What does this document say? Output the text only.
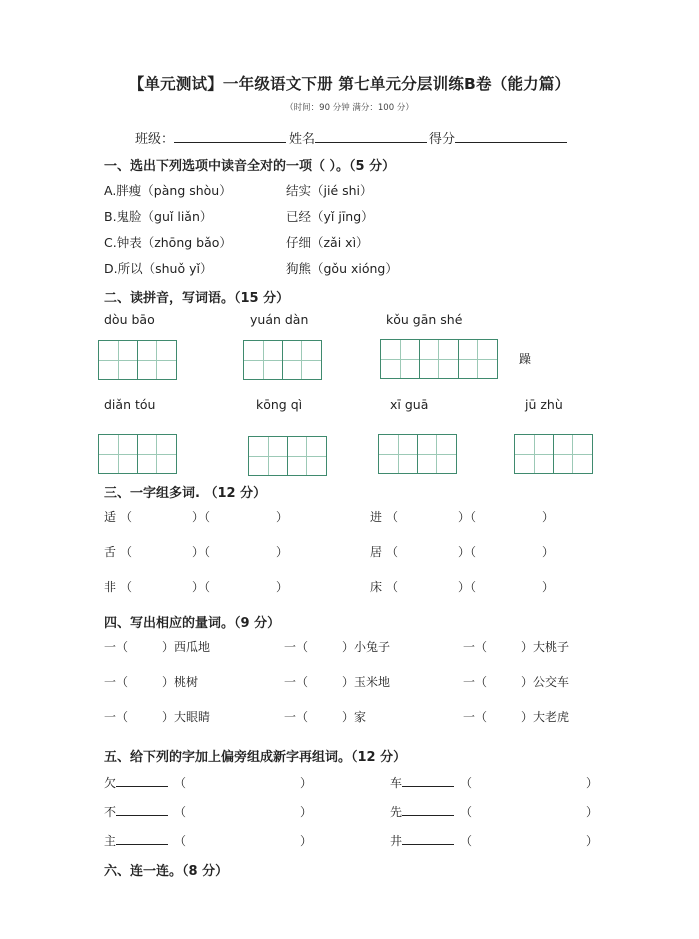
【单元测试】一年级语文下册 第七单元分层训练B卷（能力篇）
（时间：90 分钟 满分：100 分）
班级：	姓名	得分
一、选出下列选项中读音全对的一项（ ）。（5 分）
A.胖瘦（pàng shòu）	结实（jié shi）
B.鬼脸（guǐ liǎn）	已经（yǐ jīng）
C.钟表（zhōng bǎo）	仔细（zǎi xì）
D.所以（shuǒ yǐ）	狗熊（gǒu xióng）
二、读拼音，写词语。（15 分）
dòu bāo	yuán dàn	kǒu gān shé
躁
diǎn tóu	kōng qì	xī guā	jū zhù
三、一字组多词. （12 分）
适 （	）（	）	进 （	）（	）
舌 （	）（	）	居 （	）（	）
非 （	）（	）	床 （	）（	）
四、写出相应的量词。（9 分）
一（	）西瓜地	一（	）小兔子	一（	）大桃子
一（	）桃树	一（	）玉米地	一（	）公交车
一（	）大眼睛	一（	）家	一（	）大老虎
五、给下列的字加上偏旁组成新字再组词。（12 分）
欠	（	）	车	（	）
不	（	）	先	（	）
主	（	）	井	（	）
六、连一连。（8 分）
